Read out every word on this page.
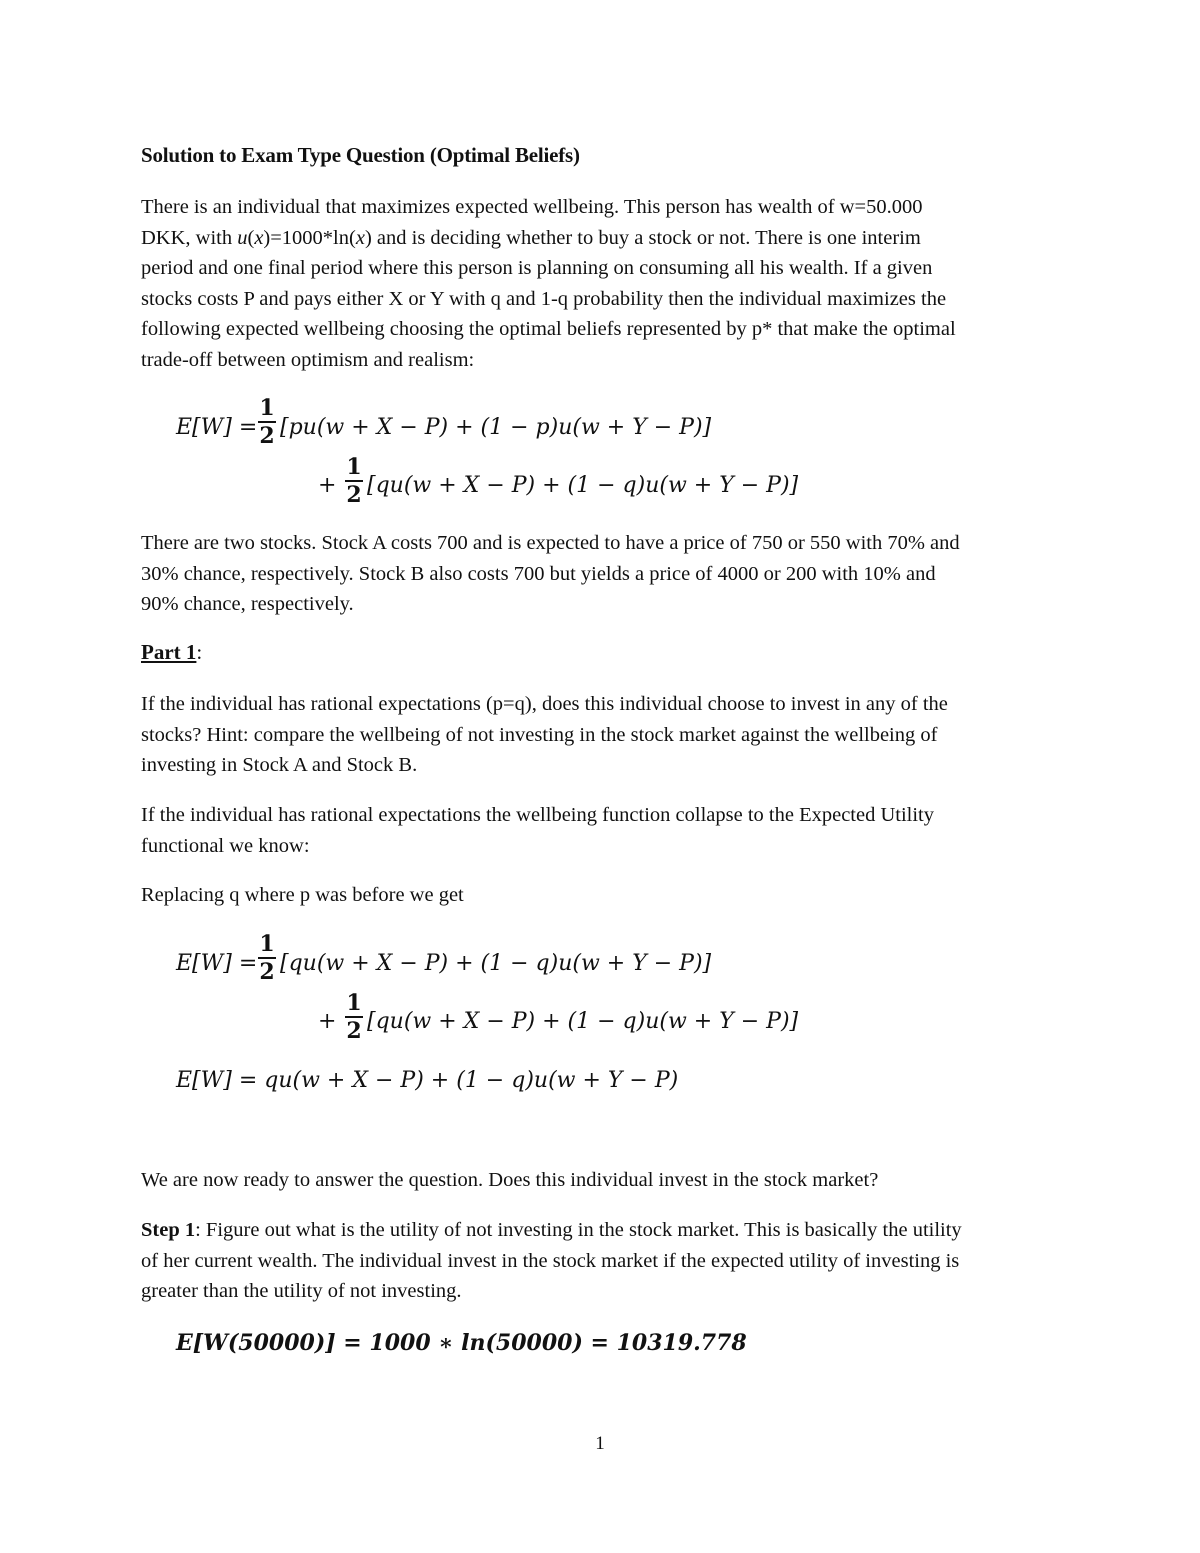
Solution to Exam Type Question (Optimal Beliefs)

There is an individual that maximizes expected wellbeing. This person has wealth of w=50.000
DKK, with u(x)=1000*ln(x) and is deciding whether to buy a stock or not. There is one interim
period and one final period where this person is planning on consuming all his wealth. If a given
stocks costs P and pays either X or Y with q and 1-q probability then the individual maximizes the
following expected wellbeing choosing the optimal beliefs represented by p* that make the optimal
trade-off between optimism and realism:
E[W] =
1
2 [pu(w + X − P) + (1 − p)u(w + Y − P)]
+
1
2 [qu(w + X − P) + (1 − q)u(w + Y − P)]
There are two stocks. Stock A costs 700 and is expected to have a price of 750 or 550 with 70% and
30% chance, respectively. Stock B also costs 700 but yields a price of 4000 or 200 with 10% and
90% chance, respectively.

Part 1:

If the individual has rational expectations (p=q), does this individual choose to invest in any of the
stocks? Hint: compare the wellbeing of not investing in the stock market against the wellbeing of
investing in Stock A and Stock B.
If the individual has rational expectations the wellbeing function collapse to the Expected Utility
functional we know:
Replacing q where p was before we get
E[W] =
1
2 [qu(w + X − P) + (1 − q)u(w + Y − P)]
+
1
2 [qu(w + X − P) + (1 − q)u(w + Y − P)]
E[W] = qu(w + X − P) + (1 − q)u(w + Y − P)
We are now ready to answer the question. Does this individual invest in the stock market?
Step 1: Figure out what is the utility of not investing in the stock market. This is basically the utility
of her current wealth. The individual invest in the stock market if the expected utility of investing is
greater than the utility of not investing.
E[W(50000)] = 1000 ∗ ln(50000) = 10319.778

1
